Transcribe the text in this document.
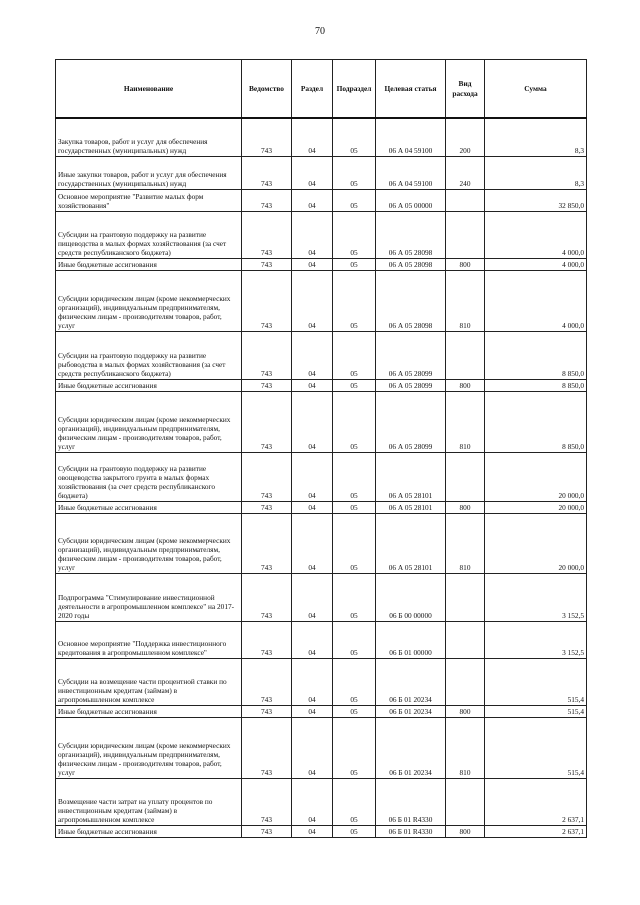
70
Наименование	Ведомство	Раздел	Подраздел	Целевая статья	Вид расхода	Сумма
Закупка товаров, работ и услуг для обеспечения государственных (муниципальных) нужд	743	04	05	06 А 04 59100	200	8,3
Иные закупки товаров, работ и услуг для обеспечения государственных (муниципальных) нужд	743	04	05	06 А 04 59100	240	8,3
Основное мероприятие "Развитие малых форм хозяйствования"	743	04	05	06 А 05 00000		32 850,0
Субсидии на грантовую поддержку на развитие пищеводства в малых формах хозяйствования (за счет средств республиканского бюджета)	743	04	05	06 А 05 28098		4 000,0
Иные бюджетные ассигнования	743	04	05	06 А 05 28098	800	4 000,0
Субсидии юридическим лицам (кроме некоммерческих организаций), индивидуальным предпринимателям, физическим лицам - производителям товаров, работ, услуг	743	04	05	06 А 05 28098	810	4 000,0
Субсидии на грантовую поддержку на развитие рыбоводства в малых формах хозяйствования (за счет средств республиканского бюджета)	743	04	05	06 А 05 28099		8 850,0
Иные бюджетные ассигнования	743	04	05	06 А 05 28099	800	8 850,0
Субсидии юридическим лицам (кроме некоммерческих организаций), индивидуальным предпринимателям, физическим лицам - производителям товаров, работ, услуг	743	04	05	06 А 05 28099	810	8 850,0
Субсидии на грантовую поддержку на развитие овощеводства закрытого грунта в малых формах хозяйствования (за счет средств республиканского бюджета)	743	04	05	06 А 05 28101		20 000,0
Иные бюджетные ассигнования	743	04	05	06 А 05 28101	800	20 000,0
Субсидии юридическим лицам (кроме некоммерческих организаций), индивидуальным предпринимателям, физическим лицам - производителям товаров, работ, услуг	743	04	05	06 А 05 28101	810	20 000,0
Подпрограмма "Стимулирование инвестиционной деятельности в агропромышленном комплексе" на 2017-2020 годы	743	04	05	06 Б 00 00000		3 152,5
Основное мероприятие "Поддержка инвестиционного кредитования в агропромышленном комплексе"	743	04	05	06 Б 01 00000		3 152,5
Субсидии на возмещение части процентной ставки по инвестиционным кредитам (займам) в агропромышленном комплексе	743	04	05	06 Б 01 20234		515,4
Иные бюджетные ассигнования	743	04	05	06 Б 01 20234	800	515,4
Субсидии юридическим лицам (кроме некоммерческих организаций), индивидуальным предпринимателям, физическим лицам - производителям товаров, работ, услуг	743	04	05	06 Б 01 20234	810	515,4
Возмещение части затрат на уплату процентов по инвестиционным кредитам (займам) в агропромышленном комплексе	743	04	05	06 Б 01 R4330		2 637,1
Иные бюджетные ассигнования	743	04	05	06 Б 01 R4330	800	2 637,1
